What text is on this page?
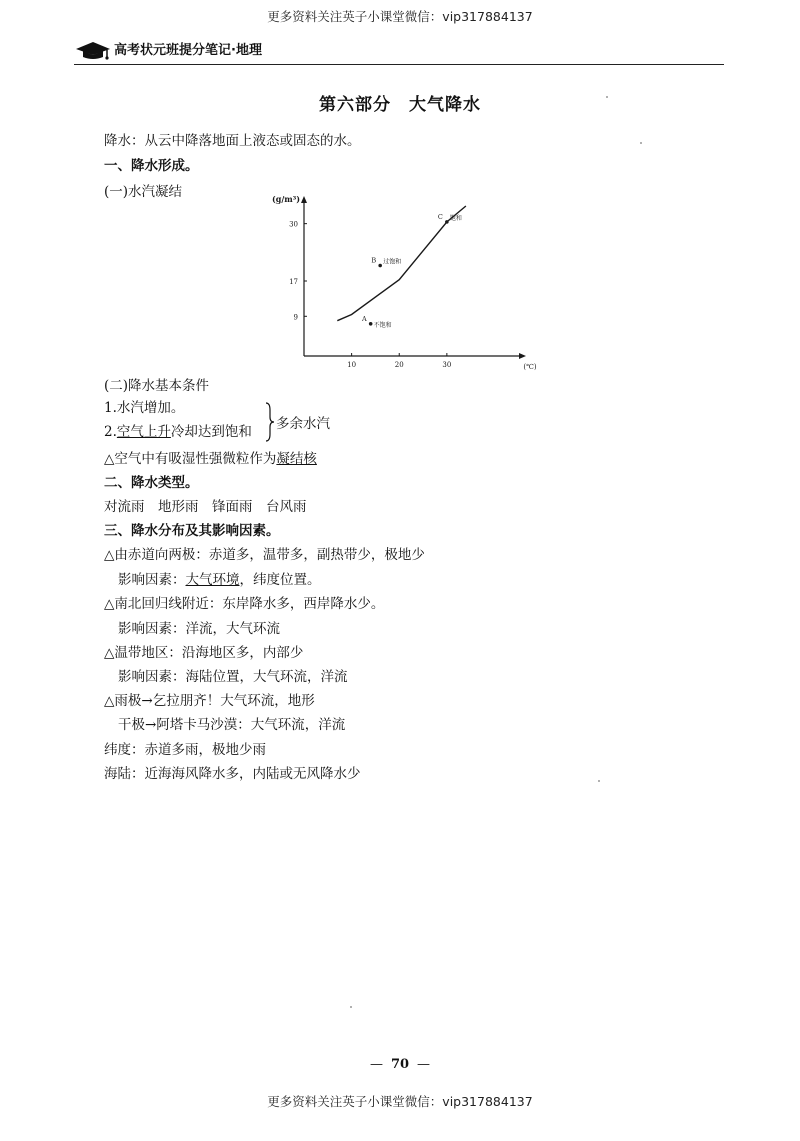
更多资料关注英子小课堂微信：vip317884137
高考状元班提分笔记·地理
第六部分　大气降水
降水：从云中降落地面上液态或固态的水。
一、降水形成。
(一)水汽凝结	(g/m³)
(℃)
10	20	30
9
17
30
A
不饱和
B 过饱和
C 饱和
(二)降水基本条件
1.水汽增加。
2.空气上升冷却达到饱和 多余水汽
△空气中有吸湿性强微粒作为凝结核
二、降水类型。
对流雨　地形雨　锋面雨　台风雨
三、降水分布及其影响因素。
△由赤道向两极：赤道多，温带多，副热带少，极地少
影响因素：大气环境，纬度位置。
△南北回归线附近：东岸降水多，西岸降水少。
影响因素：洋流，大气环流
△温带地区：沿海地区多，内部少
影响因素：海陆位置，大气环流，洋流
△雨极→乞拉朋齐！大气环流，地形
干极→阿塔卡马沙漠：大气环流，洋流
纬度：赤道多雨，极地少雨
海陆：近海海风降水多，内陆或无风降水少
— 70 —
更多资料关注英子小课堂微信：vip317884137
